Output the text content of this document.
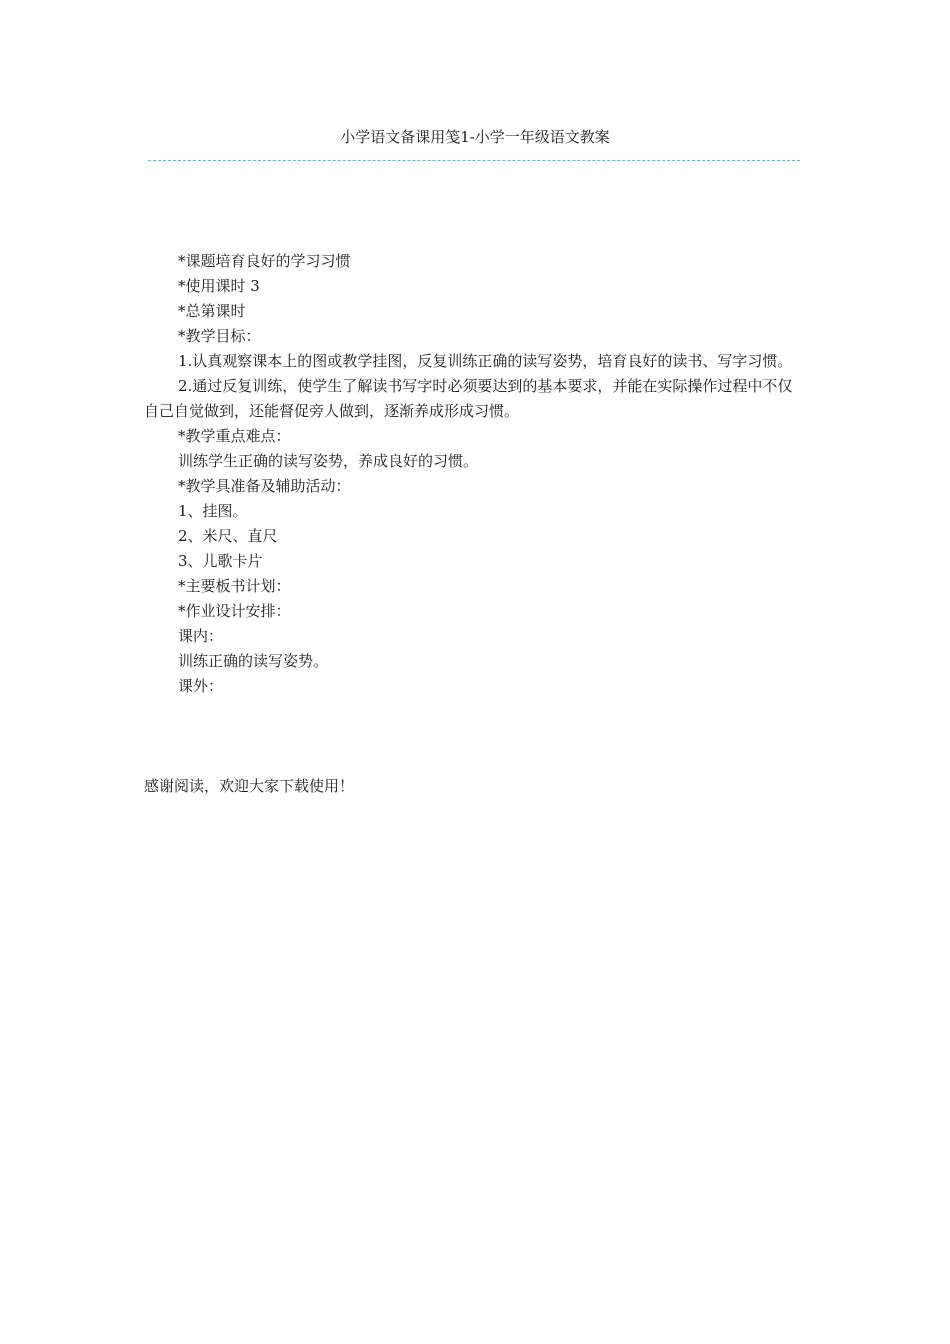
小学语文备课用笺1-小学一年级语文教案

*课题培育良好的学习习惯

*使用课时 3

*总第课时

*教学目标：

1.认真观察课本上的图或教学挂图，反复训练正确的读写姿势，培育良好的读书、写字习惯。

2.通过反复训练，使学生了解读书写字时必须要达到的基本要求，并能在实际操作过程中不仅自己自觉做到，还能督促旁人做到，逐渐养成形成习惯。

*教学重点难点：

训练学生正确的读写姿势，养成良好的习惯。

*教学具准备及辅助活动：

1、挂图。

2、米尺、直尺

3、儿歌卡片

*主要板书计划：

*作业设计安排：

课内：

训练正确的读写姿势。

课外：

感谢阅读，欢迎大家下载使用！
